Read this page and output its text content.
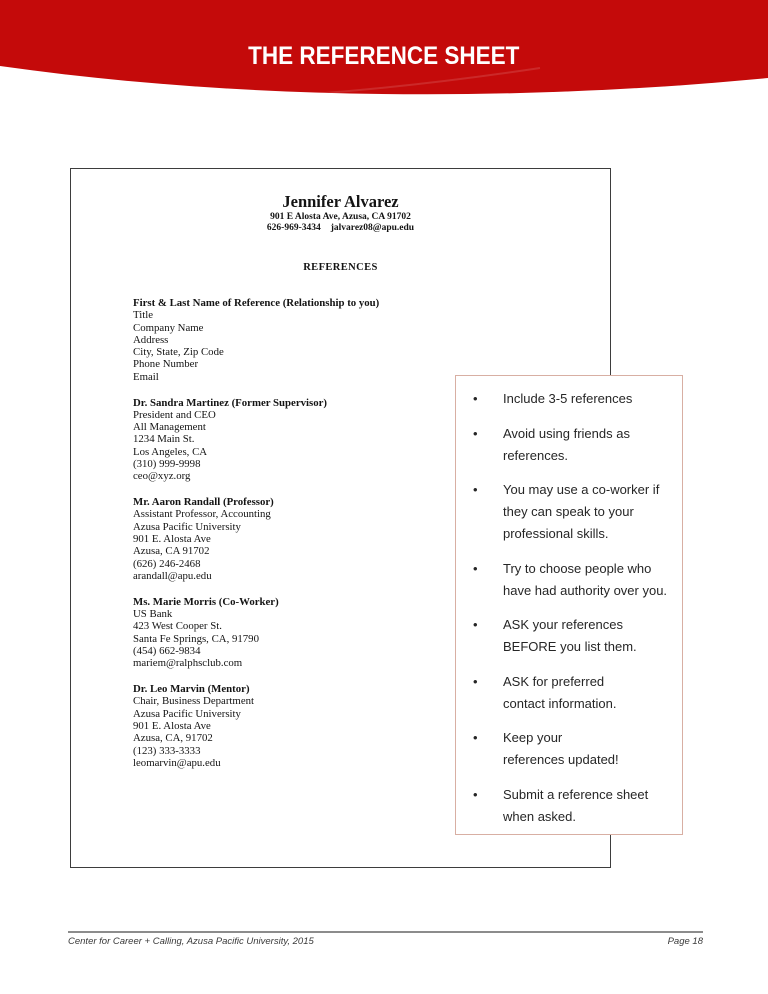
THE REFERENCE SHEET
Jennifer Alvarez
901 E Alosta Ave, Azusa, CA 91702
626-969-3434 jalvarez08@apu.edu
REFERENCES
First & Last Name of Reference (Relationship to you)
Title
Company Name
Address
City, State, Zip Code
Phone Number
Email
Dr. Sandra Martinez (Former Supervisor)
President and CEO
All Management
1234 Main St.
Los Angeles, CA
(310) 999-9998
ceo@xyz.org
Mr. Aaron Randall (Professor)
Assistant Professor, Accounting
Azusa Pacific University
901 E. Alosta Ave
Azusa, CA 91702
(626) 246-2468
arandall@apu.edu
Ms. Marie Morris (Co-Worker)
US Bank
423 West Cooper St.
Santa Fe Springs, CA, 91790
(454) 662-9834
mariem@ralphsclub.com
Dr. Leo Marvin (Mentor)
Chair, Business Department
Azusa Pacific University
901 E. Alosta Ave
Azusa, CA, 91702
(123) 333-3333
leomarvin@apu.edu
• Include 3-5 references
• Avoid using friends as
references.
• You may use a co-worker if
they can speak to your
professional skills.
• Try to choose people who
have had authority over you.
• ASK your references
BEFORE you list them.
• ASK for preferred
contact information.
• Keep your
references updated!
• Submit a reference sheet
when asked.
Center for Career + Calling, Azusa Pacific University, 2015	Page 18
